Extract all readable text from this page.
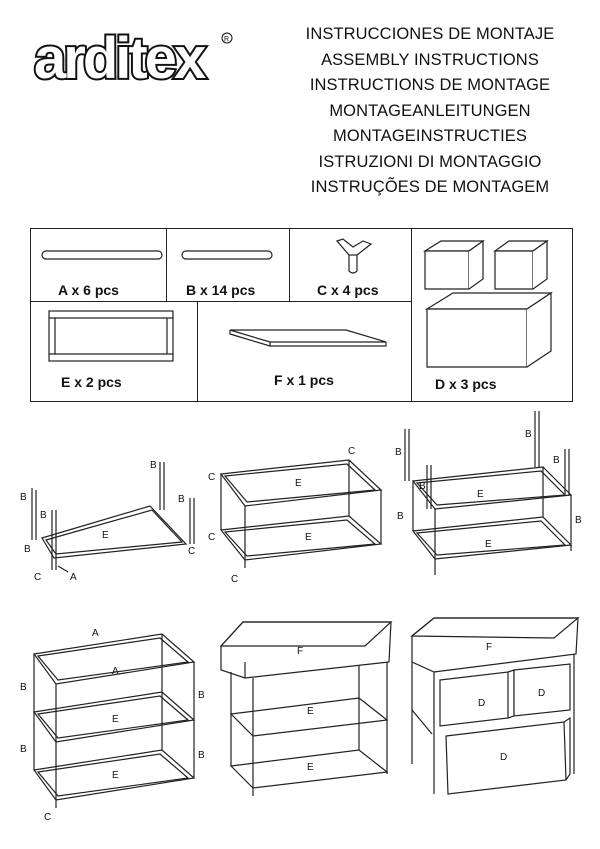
arditex	R	INSTRUCCIONES DE MONTAJE
ASSEMBLY INSTRUCTIONS
INSTRUCTIONS DE MONTAGE
MONTAGEANLEITUNGEN
MONTAGEINSTRUCTIES
ISTRUZIONI DI MONTAGGIO
INSTRUÇÕES DE MONTAGEM
A x 6 pcs	B x 14 pcs	C x 4 pcs
E x 2 pcs	F x 1 pcs	D x 3 pcs
E
B
B
B
B
B	C
C	A
E
E
C
C
C
C
E
E
B
B
B
B
B	B
A
A
E
E
B
B
B
B
C
F
E
E
F
D
D
D
